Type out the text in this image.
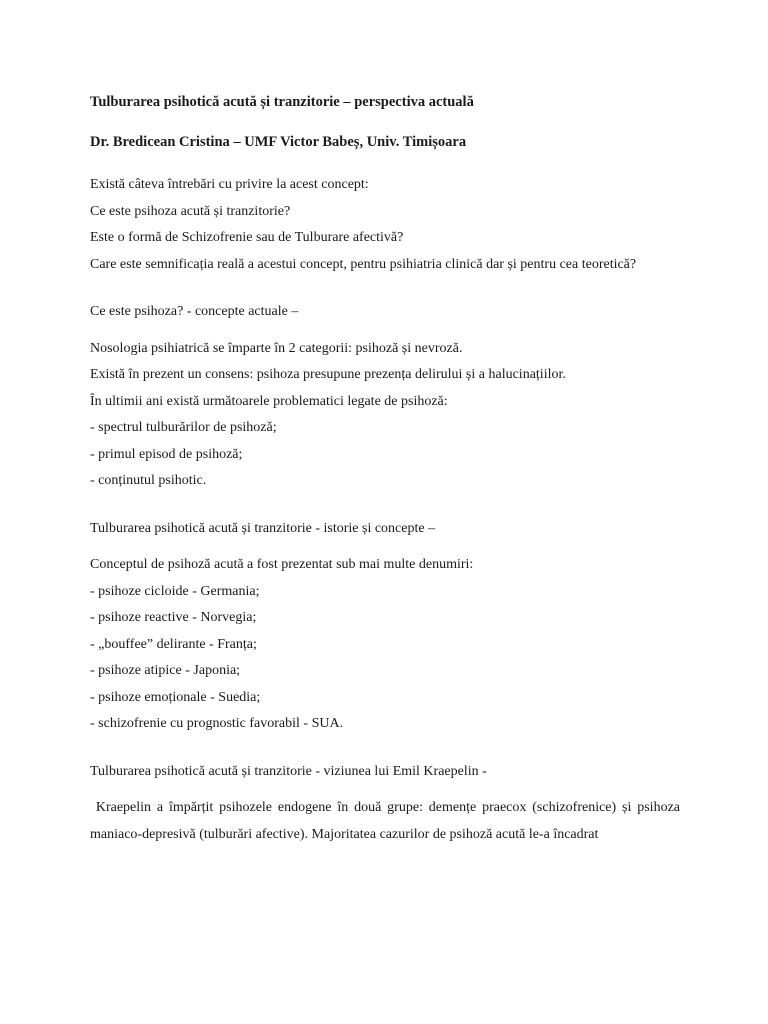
Tulburarea psihotică acută și tranzitorie – perspectiva actuală

Dr. Bredicean Cristina – UMF Victor Babeș, Univ. Timișoara

Există câteva întrebări cu privire la acest concept:
Ce este psihoza acută și tranzitorie?
Este o formă de Schizofrenie sau de Tulburare afectivă?
Care este semnificația reală a acestui concept, pentru psihiatria clinică dar și pentru cea teoretică?
Ce este psihoza? - concepte actuale –
Nosologia psihiatrică se împarte în 2 categorii: psihoză și nevroză.
Există în prezent un consens: psihoza presupune prezența delirului și a halucinațiilor.
În ultimii ani există următoarele problematici legate de psihoză:
- spectrul tulburărilor de psihoză;
- primul episod de psihoză;
- conținutul psihotic.
Tulburarea psihotică acută și tranzitorie - istorie și concepte –
Conceptul de psihoză acută a fost prezentat sub mai multe denumiri:
- psihoze cicloide - Germania;
- psihoze reactive - Norvegia;
- „bouffee” delirante - Franța;
- psihoze atipice - Japonia;
- psihoze emoționale - Suedia;
- schizofrenie cu prognostic favorabil - SUA.
Tulburarea psihotică acută și tranzitorie - viziunea lui Emil Kraepelin -
Kraepelin a împărțit psihozele endogene în două grupe: demențe praecox (schizofrenice) și psihoza maniaco-depresivă (tulburări afective). Majoritatea cazurilor de psihoză acută le-a încadrat
